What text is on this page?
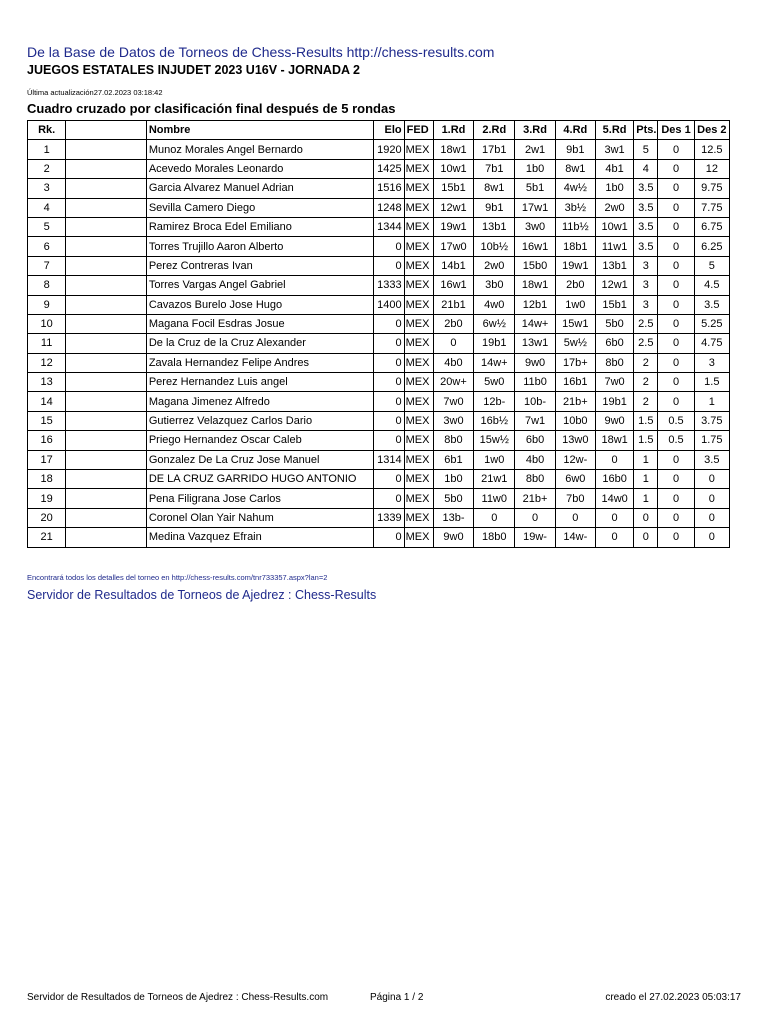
De la Base de Datos de Torneos de Chess-Results http://chess-results.com
JUEGOS ESTATALES INJUDET 2023 U16V - JORNADA 2
Última actualización27.02.2023 03:18:42
Cuadro cruzado por clasificación final después de 5 rondas
Rk.		Nombre	Elo	FED	1.Rd	2.Rd	3.Rd	4.Rd	5.Rd	Pts.	Des 1	Des 2
1		Munoz Morales Angel Bernardo	1920	MEX	18w1	17b1	2w1	9b1	3w1	5	0	12.5
2		Acevedo Morales Leonardo	1425	MEX	10w1	7b1	1b0	8w1	4b1	4	0	12
3		Garcia Alvarez Manuel Adrian	1516	MEX	15b1	8w1	5b1	4w½	1b0	3.5	0	9.75
4		Sevilla Camero Diego	1248	MEX	12w1	9b1	17w1	3b½	2w0	3.5	0	7.75
5		Ramirez Broca Edel Emiliano	1344	MEX	19w1	13b1	3w0	11b½	10w1	3.5	0	6.75
6		Torres Trujillo Aaron Alberto	0	MEX	17w0	10b½	16w1	18b1	11w1	3.5	0	6.25
7		Perez Contreras Ivan	0	MEX	14b1	2w0	15b0	19w1	13b1	3	0	5
8		Torres Vargas Angel Gabriel	1333	MEX	16w1	3b0	18w1	2b0	12w1	3	0	4.5
9		Cavazos Burelo Jose Hugo	1400	MEX	21b1	4w0	12b1	1w0	15b1	3	0	3.5
10		Magana Focil Esdras Josue	0	MEX	2b0	6w½	14w+	15w1	5b0	2.5	0	5.25
11		De la Cruz de la Cruz Alexander	0	MEX	0	19b1	13w1	5w½	6b0	2.5	0	4.75
12		Zavala Hernandez Felipe Andres	0	MEX	4b0	14w+	9w0	17b+	8b0	2	0	3
13		Perez Hernandez Luis angel	0	MEX	20w+	5w0	11b0	16b1	7w0	2	0	1.5
14		Magana Jimenez Alfredo	0	MEX	7w0	12b-	10b-	21b+	19b1	2	0	1
15		Gutierrez Velazquez Carlos Dario	0	MEX	3w0	16b½	7w1	10b0	9w0	1.5	0.5	3.75
16		Priego Hernandez Oscar Caleb	0	MEX	8b0	15w½	6b0	13w0	18w1	1.5	0.5	1.75
17		Gonzalez De La Cruz Jose Manuel	1314	MEX	6b1	1w0	4b0	12w-	0	1	0	3.5
18		DE LA CRUZ GARRIDO HUGO ANTONIO	0	MEX	1b0	21w1	8b0	6w0	16b0	1	0	0
19		Pena Filigrana Jose Carlos	0	MEX	5b0	11w0	21b+	7b0	14w0	1	0	0
20		Coronel Olan Yair Nahum	1339	MEX	13b-	0	0	0	0	0	0	0
21		Medina Vazquez Efrain	0	MEX	9w0	18b0	19w-	14w-	0	0	0	0
Encontrará todos los detalles del torneo en http://chess-results.com/tnr733357.aspx?lan=2
Servidor de Resultados de Torneos de Ajedrez : Chess-Results
Servidor de Resultados de Torneos de Ajedrez : Chess-Results.com	Página 1 / 2	creado el 27.02.2023 05:03:17
